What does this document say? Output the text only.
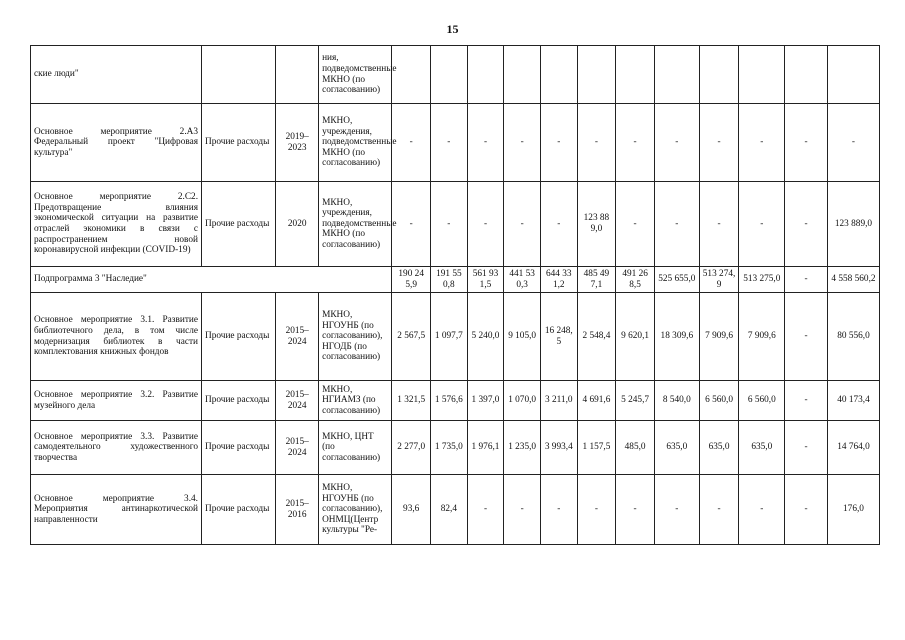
15
ские люди"			ния, подведомственные МКНО (по согласованию)												
Основное мероприятие 2.А3 Федеральный проект "Цифровая культура"	Прочие расходы	2019–2023	МКНО, учреждения, подведомственные МКНО (по согласованию)	-	-	-	-	-	-	-	-	-	-	-	-
Основное мероприятие 2.С2. Предотвращение влияния экономической ситуации на развитие отраслей экономики в связи с распространением новой коронавирусной инфекции (COVID-19)	Прочие расходы	2020	МКНО, учреждения, подведомственные МКНО (по согласованию)	-	-	-	-	-	123 889,0	-	-	-	-	-	123 889,0
Подпрограмма 3 "Наследие"				190 245,9	191 550,8	561 931,5	441 530,3	644 331,2	485 497,1	491 268,5	525 655,0	513 274,9	513 275,0	-	4 558 560,2
Основное мероприятие 3.1. Развитие библиотечного дела, в том числе модернизация библиотек в части комплектования книжных фондов	Прочие расходы	2015–2024	МКНО, НГОУНБ (по согласованию), НГОДБ (по согласованию)	2 567,5	1 097,7	5 240,0	9 105,0	16 248,5	2 548,4	9 620,1	18 309,6	7 909,6	7 909,6	-	80 556,0
Основное мероприятие 3.2. Развитие музейного дела	Прочие расходы	2015–2024	МКНО, НГИАМЗ (по согласованию)	1 321,5	1 576,6	1 397,0	1 070,0	3 211,0	4 691,6	5 245,7	8 540,0	6 560,0	6 560,0	-	40 173,4
Основное мероприятие 3.3. Развитие самодеятельного художественного творчества	Прочие расходы	2015–2024	МКНО, ЦНТ (по согласованию)	2 277,0	1 735,0	1 976,1	1 235,0	3 993,4	1 157,5	485,0	635,0	635,0	635,0	-	14 764,0
Основное мероприятие 3.4. Мероприятия антинаркотической направленности	Прочие расходы	2015–2016	МКНО, НГОУНБ (по согласованию), ОНМЦ(Центр культуры "Ре-	93,6	82,4	-	-	-	-	-	-	-	-	-	176,0
